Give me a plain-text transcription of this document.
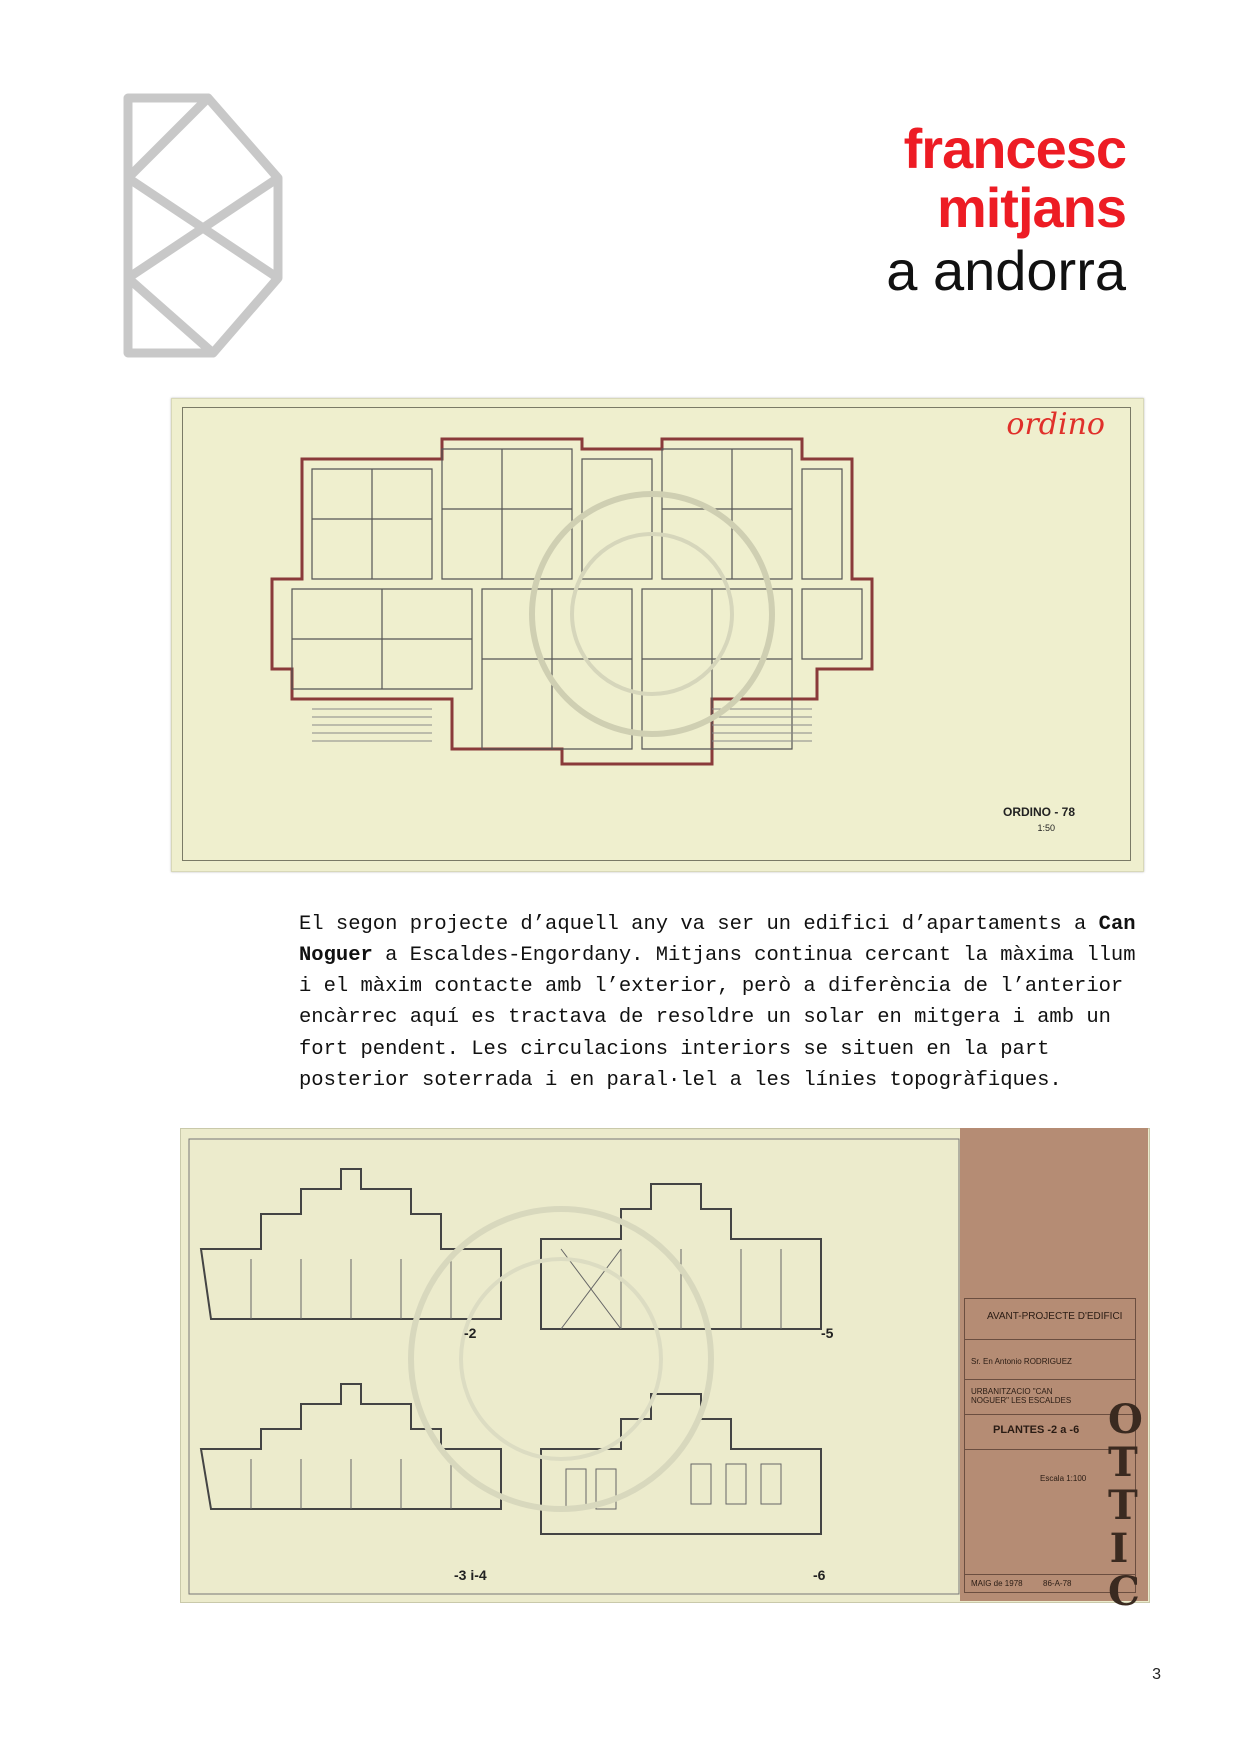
francesc
mitjans
a andorra
ordino
ORDINO - 78
1:50

El segon projecte d’aquell any va ser un edifici d’apartaments a Can Noguer a Escaldes-Engordany. Mitjans continua cercant la màxima llum i el màxim contacte amb l’exterior, però a diferència de l’anterior encàrrec aquí es tractava de resoldre un solar en mitgera i amb un fort pendent. Les circulacions interiors se situen en la part posterior soterrada i en paral·lel a les línies topogràfiques.

-2	-5
-3 i-4	-6
AVANT-PROJECTE D'EDIFICI
Sr. En Antonio RODRIGUEZ
URBANITZACIO "CAN NOGUER" LES ESCALDES
PLANTES -2 a -6
Escala 1:100
MAIG de 1978	86-A-78
O
T
T
I
C
3
